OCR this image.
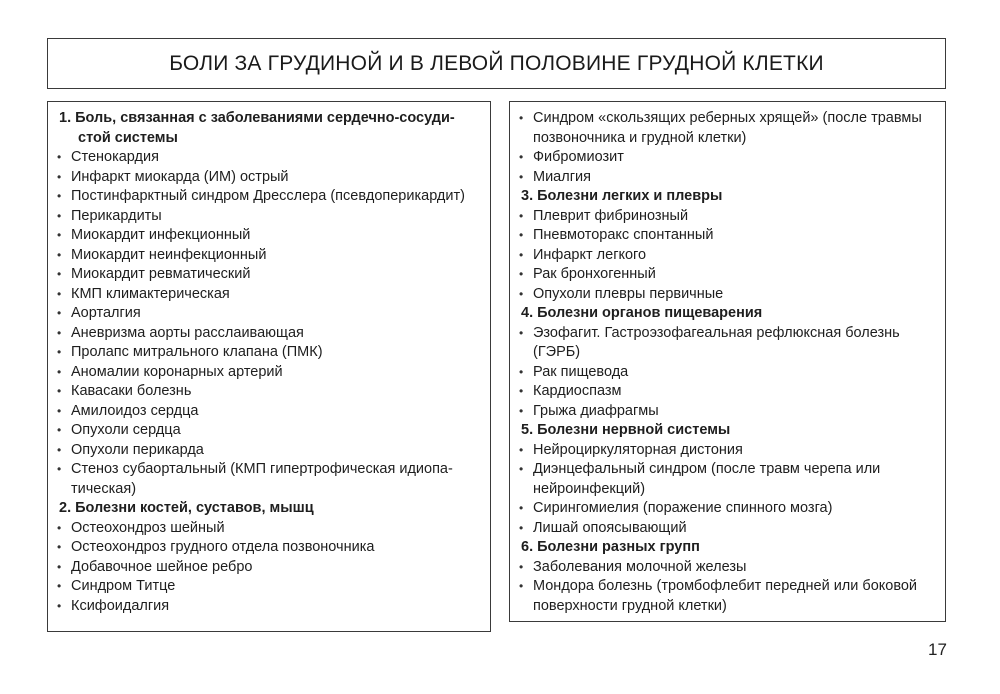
БОЛИ ЗА ГРУДИНОЙ И В ЛЕВОЙ ПОЛОВИНЕ ГРУДНОЙ КЛЕТКИ
1. Боль, связанная с заболеваниями сердечно-сосуди-
стой системы
• Стенокардия
• Инфаркт миокарда (ИМ) острый
• Постинфарктный синдром Дресслера (псевдоперикардит)
• Перикардиты
• Миокардит инфекционный
• Миокардит неинфекционный
• Миокардит ревматический
• КМП климактерическая
• Аорталгия
• Аневризма аорты расслаивающая
• Пролапс митрального клапана (ПМК)
• Аномалии коронарных артерий
• Кавасаки болезнь
• Амилоидоз сердца
• Опухоли сердца
• Опухоли перикарда
• Стеноз субаортальный (КМП гипертрофическая идиопа-
тическая)
2. Болезни костей, суставов, мышц
• Остеохондроз шейный
• Остеохондроз грудного отдела позвоночника
• Добавочное шейное ребро
• Синдром Титце
• Ксифоидалгия
• Синдром «скользящих реберных хрящей» (после травмы позвоночника и грудной клетки)
• Фибромиозит
• Миалгия
3. Болезни легких и плевры
• Плеврит фибринозный
• Пневмоторакс спонтанный
• Инфаркт легкого
• Рак бронхогенный
• Опухоли плевры первичные
4. Болезни органов пищеварения
• Эзофагит. Гастроэзофагеальная рефлюксная болезнь (ГЭРБ)
• Рак пищевода
• Кардиоспазм
• Грыжа диафрагмы
5. Болезни нервной системы
• Нейроциркуляторная дистония
• Диэнцефальный синдром (после травм черепа или нейроинфекций)
• Сирингомиелия (поражение спинного мозга)
• Лишай опоясывающий
6. Болезни разных групп
• Заболевания молочной железы
• Мондора болезнь (тромбофлебит передней или боковой поверхности грудной клетки)
17
